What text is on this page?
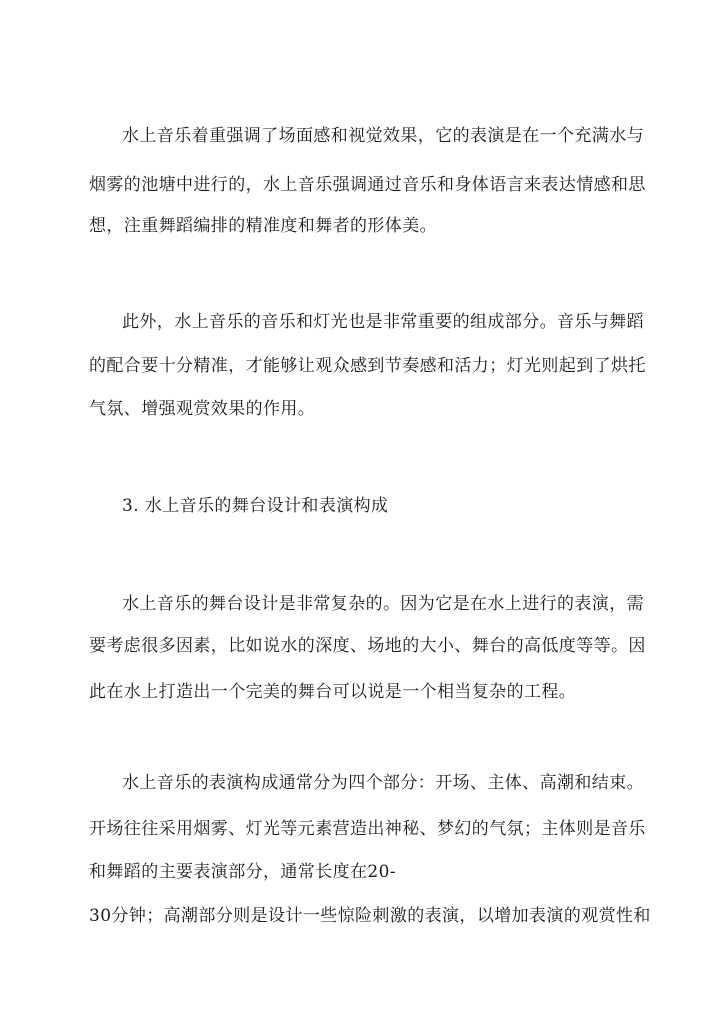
水上音乐着重强调了场面感和视觉效果，它的表演是在一个充满水与
烟雾的池塘中进行的，水上音乐强调通过音乐和身体语言来表达情感和思
想，注重舞蹈编排的精准度和舞者的形体美。
此外，水上音乐的音乐和灯光也是非常重要的组成部分。音乐与舞蹈
的配合要十分精准，才能够让观众感到节奏感和活力；灯光则起到了烘托
气氛、增强观赏效果的作用。
3. 水上音乐的舞台设计和表演构成
水上音乐的舞台设计是非常复杂的。因为它是在水上进行的表演，需
要考虑很多因素，比如说水的深度、场地的大小、舞台的高低度等等。因
此在水上打造出一个完美的舞台可以说是一个相当复杂的工程。
水上音乐的表演构成通常分为四个部分：开场、主体、高潮和结束。
开场往往采用烟雾、灯光等元素营造出神秘、梦幻的气氛；主体则是音乐
和舞蹈的主要表演部分，通常长度在20-
30分钟；高潮部分则是设计一些惊险刺激的表演，以增加表演的观赏性和
